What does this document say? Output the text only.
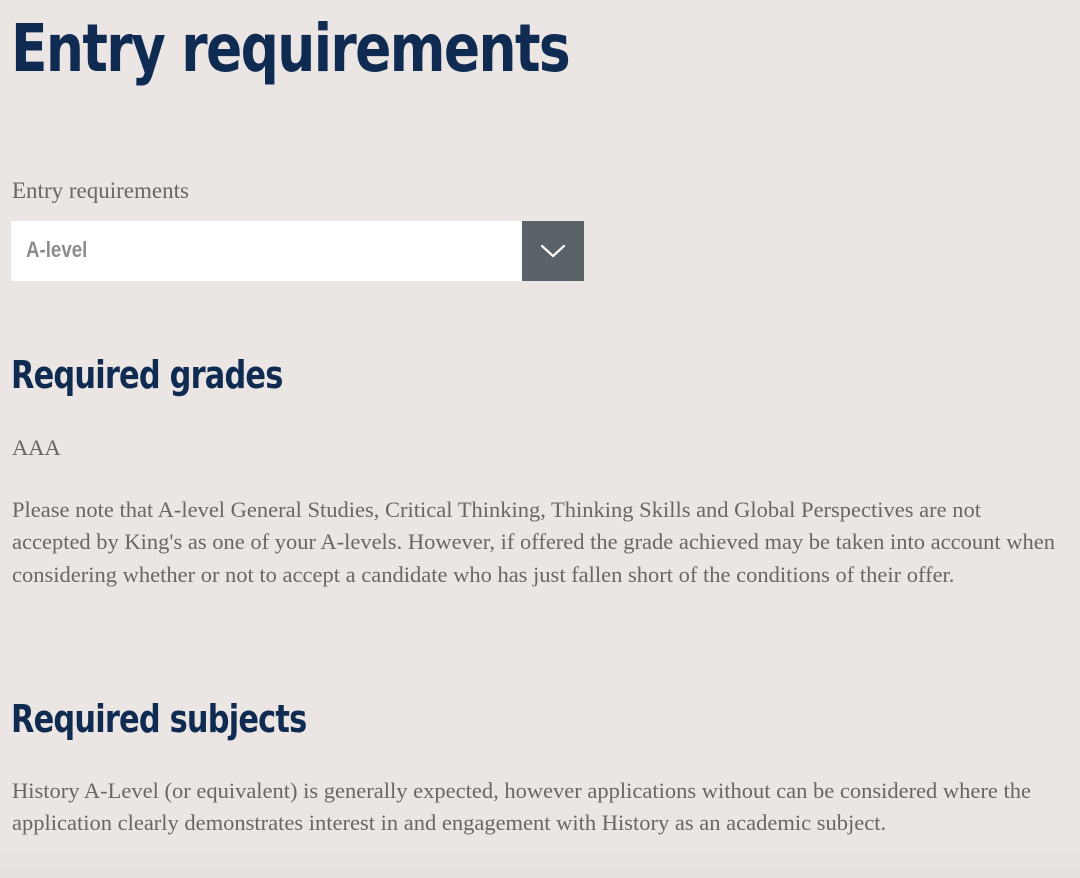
Entry requirements
Entry requirements
A-level
Required grades

AAA

Please note that A-level General Studies, Critical Thinking, Thinking Skills and Global Perspectives are not accepted by King's as one of your A-levels. However, if offered the grade achieved may be taken into account when considering whether or not to accept a candidate who has just fallen short of the conditions of their offer.

Required subjects

History A-Level (or equivalent) is generally expected, however applications without can be considered where the application clearly demonstrates interest in and engagement with History as an academic subject.
